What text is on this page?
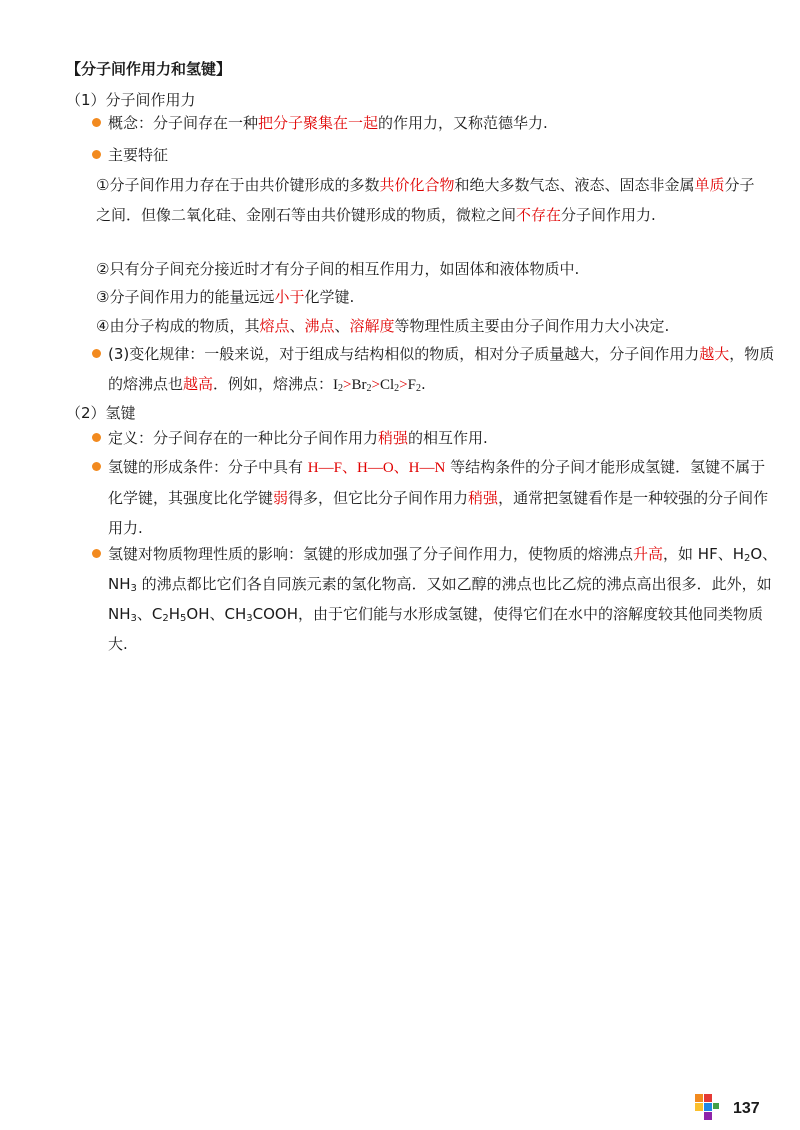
【分子间作用力和氢键】
（1）分子间作用力
概念：分子间存在一种把分子聚集在一起的作用力，又称范德华力.
主要特征
①分子间作用力存在于由共价键形成的多数共价化合物和绝大多数气态、液态、固态非金属单质分子之间．但像二氧化硅、金刚石等由共价键形成的物质，微粒之间不存在分子间作用力.
②只有分子间充分接近时才有分子间的相互作用力，如固体和液体物质中.
③分子间作用力的能量远远小于化学键.
④由分子构成的物质，其熔点、沸点、溶解度等物理性质主要由分子间作用力大小决定.
(3)变化规律：一般来说，对于组成与结构相似的物质，相对分子质量越大，分子间作用力越大，物质的熔沸点也越高．例如，熔沸点：$I_2>Br_2>Cl_2>F_2$.
（2）氢键
定义：分子间存在的一种比分子间作用力稍强的相互作用.
氢键的形成条件：分子中具有 H—F、H—O、H—N 等结构条件的分子间才能形成氢键．氢键不属于化学键，其强度比化学键弱得多，但它比分子间作用力稍强，通常把氢键看作是一种较强的分子间作用力.
氢键对物质物理性质的影响：氢键的形成加强了分子间作用力，使物质的熔沸点升高，如 HF、$H_2O$、$NH_3$ 的沸点都比它们各自同族元素的氢化物高．又如乙醇的沸点也比乙烷的沸点高出很多．此外，如 $NH_3$、$C_2H_5OH$、$CH_3COOH$，由于它们能与水形成氢键，使得它们在水中的溶解度较其他同类物质大.
137
